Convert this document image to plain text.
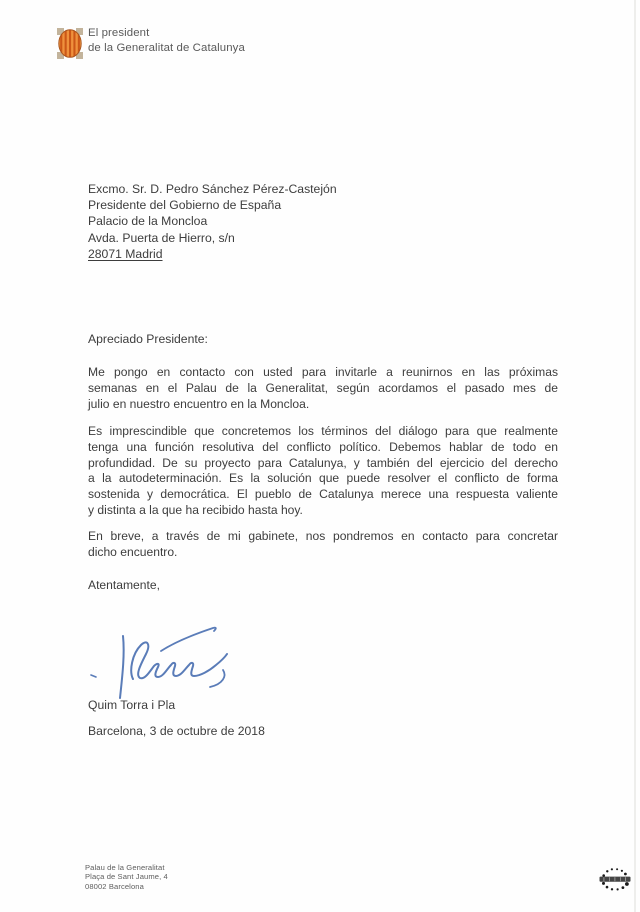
El president
de la Generalitat de Catalunya
Excmo. Sr. D. Pedro Sánchez Pérez-Castejón
Presidente del Gobierno de España
Palacio de la Moncloa
Avda. Puerta de Hierro, s/n
28071 Madrid
Apreciado Presidente:
Me pongo en contacto con usted para invitarle a reunirnos en las próximas
semanas en el Palau de la Generalitat, según acordamos el pasado mes de
julio en nuestro encuentro en la Moncloa.
Es imprescindible que concretemos los términos del diálogo para que realmente
tenga una función resolutiva del conflicto político. Debemos hablar de todo en
profundidad. De su proyecto para Catalunya, y también del ejercicio del derecho
a la autodeterminación. Es la solución que puede resolver el conflicto de forma
sostenida y democrática. El pueblo de Catalunya merece una respuesta valiente
y distinta a la que ha recibido hasta hoy.
En breve, a través de mi gabinete, nos pondremos en contacto para concretar
dicho encuentro.
Atentamente,
Quim Torra i Pla
Barcelona, 3 de octubre de 2018
Palau de la Generalitat
Plaça de Sant Jaume, 4
08002 Barcelona
